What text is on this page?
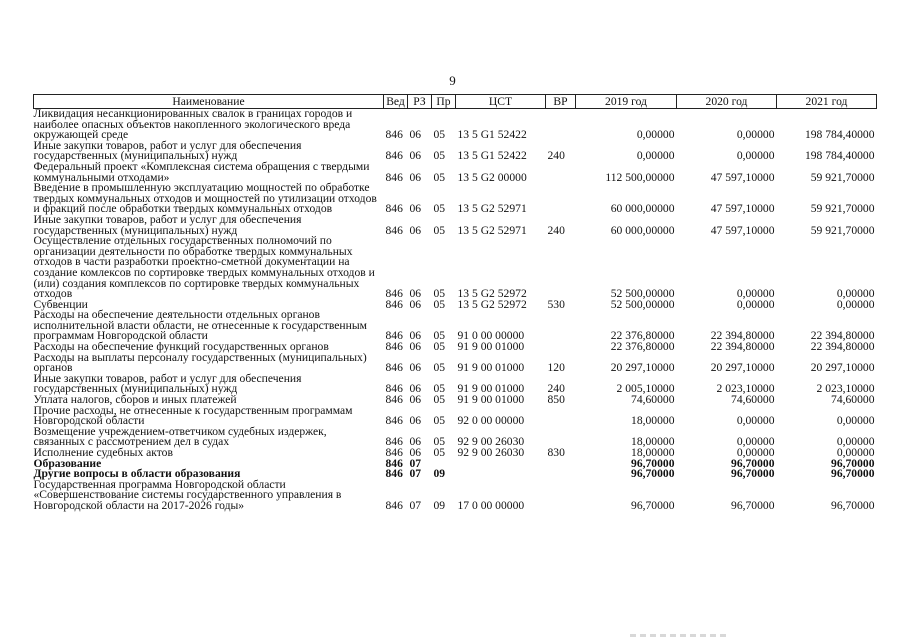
9
Наименование	Вед	РЗ	Пр	ЦСТ	ВР	2019 год	2020 год	2021 год
Ликвидация несанкционированных свалок в границах городов и наиболее опасных объектов накопленного экологического вреда окружающей среде	846	06	05	13 5 G1 52422		0,00000	0,00000	198 784,40000
Иные закупки товаров, работ и услуг для обеспечения государственных (муниципальных) нужд	846	06	05	13 5 G1 52422	240	0,00000	0,00000	198 784,40000
Федеральный проект «Комплексная система обращения с твердыми коммунальными отходами»	846	06	05	13 5 G2 00000		112 500,00000	47 597,10000	59 921,70000
Введение в промышленную эксплуатацию мощностей по обработке твердых коммунальных отходов и мощностей по утилизации отходов и фракций после обработки твердых коммунальных отходов	846	06	05	13 5 G2 52971		60 000,00000	47 597,10000	59 921,70000
Иные закупки товаров, работ и услуг для обеспечения государственных (муниципальных) нужд	846	06	05	13 5 G2 52971	240	60 000,00000	47 597,10000	59 921,70000
Осуществление отдельных государственных полномочий по организации деятельности по обработке твердых коммунальных отходов в части разработки проектно-сметной документации на создание комлексов по сортировке твердых коммунальных отходов и (или) создания комплексов по сортировке твердых коммунальных отходов	846	06	05	13 5 G2 52972		52 500,00000	0,00000	0,00000
Субвенции	846	06	05	13 5 G2 52972	530	52 500,00000	0,00000	0,00000
Расходы на обеспечение деятельности отдельных органов исполнительной власти области, не отнесенные к государственным программам Новгородской области	846	06	05	91 0 00 00000		22 376,80000	22 394,80000	22 394,80000
Расходы на обеспечение функций государственных органов	846	06	05	91 9 00 01000		22 376,80000	22 394,80000	22 394,80000
Расходы на выплаты персоналу государственных (муниципальных) органов	846	06	05	91 9 00 01000	120	20 297,10000	20 297,10000	20 297,10000
Иные закупки товаров, работ и услуг для обеспечения государственных (муниципальных) нужд	846	06	05	91 9 00 01000	240	2 005,10000	2 023,10000	2 023,10000
Уплата налогов, сборов и иных платежей	846	06	05	91 9 00 01000	850	74,60000	74,60000	74,60000
Прочие расходы, не отнесенные к государственным программам Новгородской области	846	06	05	92 0 00 00000		18,00000	0,00000	0,00000
Возмещение учреждением-ответчиком судебных издержек, связанных с рассмотрением дел в судах	846	06	05	92 9 00 26030		18,00000	0,00000	0,00000
Исполнение судебных актов	846	06	05	92 9 00 26030	830	18,00000	0,00000	0,00000
Образование	846	07				96,70000	96,70000	96,70000
Другие вопросы в области образования	846	07	09			96,70000	96,70000	96,70000
Государственная программа Новгородской области «Совершенствование системы государственного управления в Новгородской области на 2017-2026 годы»	846	07	09	17 0 00 00000		96,70000	96,70000	96,70000
